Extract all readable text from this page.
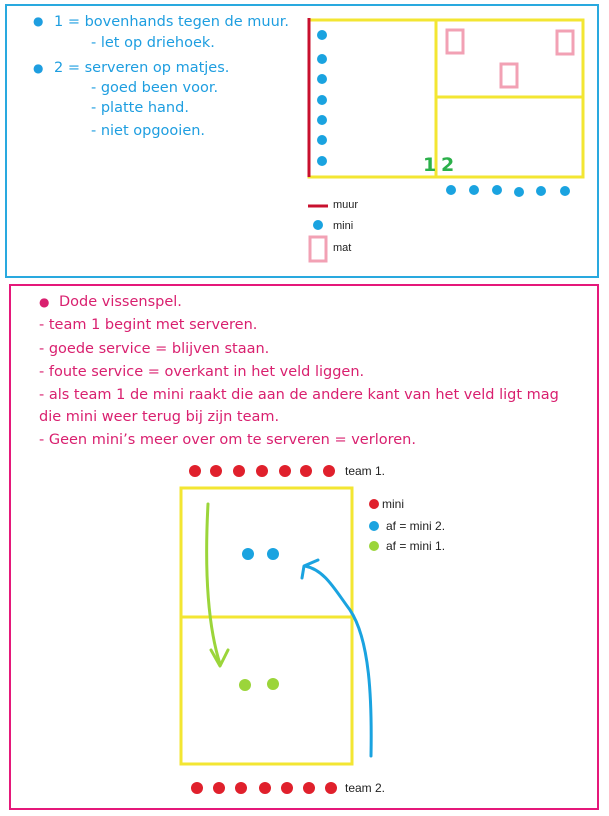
● 1 = bovenhands tegen de muur.
- let op driehoek.
● 2 = serveren op matjes.
- goed been voor.
- platte hand.
- niet opgooien.
1 2
muur
mini
mat
● Dode vissenspel.
- team 1 begint met serveren.
- goede service = blijven staan.
- foute service = overkant in het veld liggen.
- als team 1 de mini raakt die aan de andere kant van het veld ligt mag
die mini weer terug bij zijn team.
- Geen mini’s meer over om te serveren = verloren.
team 1.
team 2.
mini
af = mini 2.
af = mini 1.
